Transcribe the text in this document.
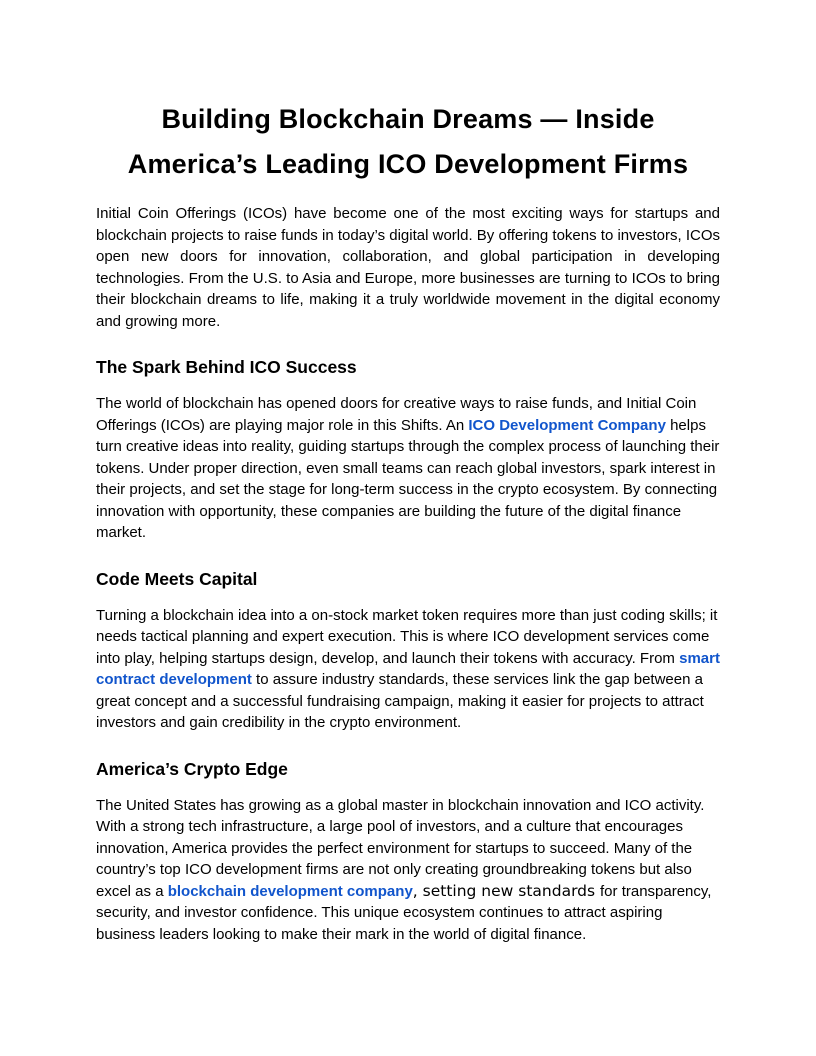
Building Blockchain Dreams — Inside
America’s Leading ICO Development Firms

Initial Coin Offerings (ICOs) have become one of the most exciting ways for startups and blockchain projects to raise funds in today’s digital world. By offering tokens to investors, ICOs open new doors for innovation, collaboration, and global participation in developing technologies. From the U.S. to Asia and Europe, more businesses are turning to ICOs to bring their blockchain dreams to life, making it a truly worldwide movement in the digital economy and growing more.

The Spark Behind ICO Success

The world of blockchain has opened doors for creative ways to raise funds, and Initial Coin Offerings (ICOs) are playing major role in this Shifts. An ICO Development Company helps turn creative ideas into reality, guiding startups through the complex process of launching their tokens. Under proper direction, even small teams can reach global investors, spark interest in their projects, and set the stage for long-term success in the crypto ecosystem. By connecting innovation with opportunity, these companies are building the future of the digital finance market.

Code Meets Capital

Turning a blockchain idea into a on-stock market token requires more than just coding skills; it needs tactical planning and expert execution. This is where ICO development services come into play, helping startups design, develop, and launch their tokens with accuracy. From smart contract development to assure industry standards, these services link the gap between a great concept and a successful fundraising campaign, making it easier for projects to attract investors and gain credibility in the crypto environment.

America’s Crypto Edge

The United States has growing as a global master in blockchain innovation and ICO activity. With a strong tech infrastructure, a large pool of investors, and a culture that encourages innovation, America provides the perfect environment for startups to succeed. Many of the country’s top ICO development firms are not only creating groundbreaking tokens but also excel as a blockchain development company, setting new standards for transparency, security, and investor confidence. This unique ecosystem continues to attract aspiring business leaders looking to make their mark in the world of digital finance.
